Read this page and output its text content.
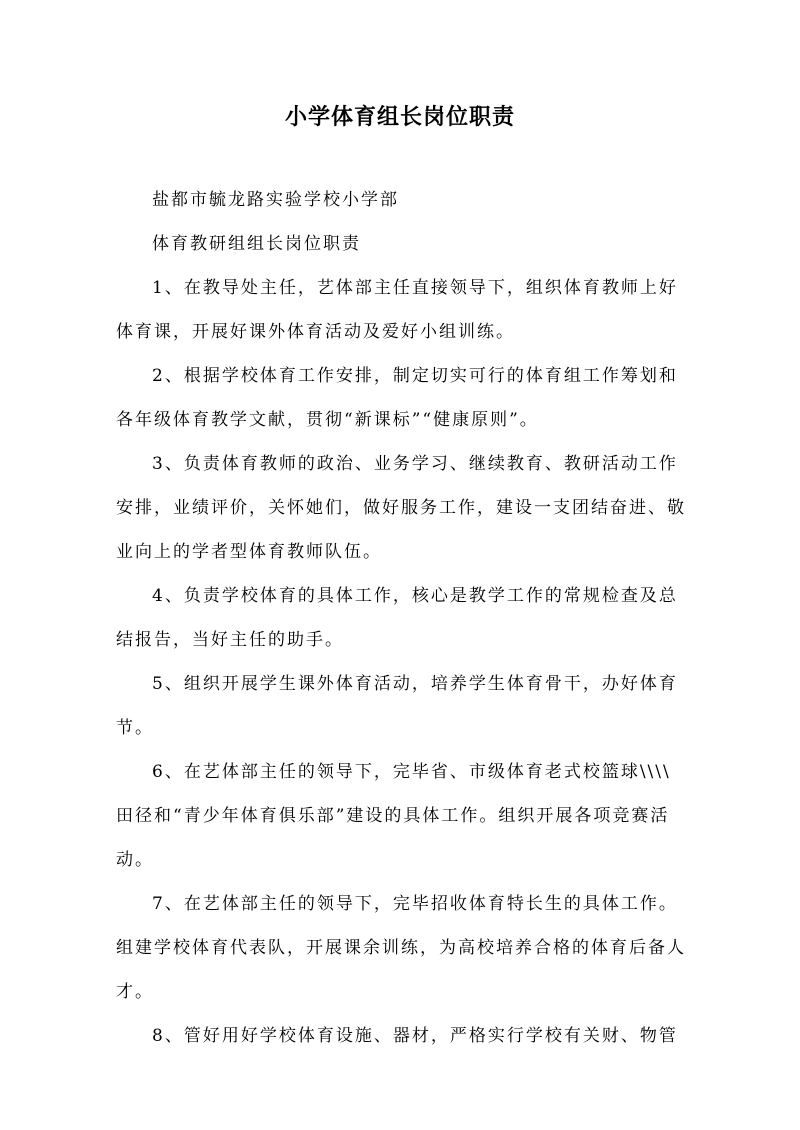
小学体育组长岗位职责

盐都市毓龙路实验学校小学部

体育教研组组长岗位职责

1、在教导处主任，艺体部主任直接领导下，组织体育教师上好

体育课，开展好课外体育活动及爱好小组训练。

2、根据学校体育工作安排，制定切实可行的体育组工作筹划和

各年级体育教学文献，贯彻“新课标”“健康原则”。

3、负责体育教师的政治、业务学习、继续教育、教研活动工作

安排，业绩评价，关怀她们，做好服务工作，建设一支团结奋进、敬

业向上的学者型体育教师队伍。

4、负责学校体育的具体工作，核心是教学工作的常规检查及总

结报告，当好主任的助手。

5、组织开展学生课外体育活动，培养学生体育骨干，办好体育

节。

6、在艺体部主任的领导下，完毕省、市级体育老式校篮球\\\\

田径和“青少年体育俱乐部”建设的具体工作。组织开展各项竞赛活

动。

7、在艺体部主任的领导下，完毕招收体育特长生的具体工作。

组建学校体育代表队，开展课余训练，为高校培养合格的体育后备人

才。

8、管好用好学校体育设施、器材，严格实行学校有关财、物管
